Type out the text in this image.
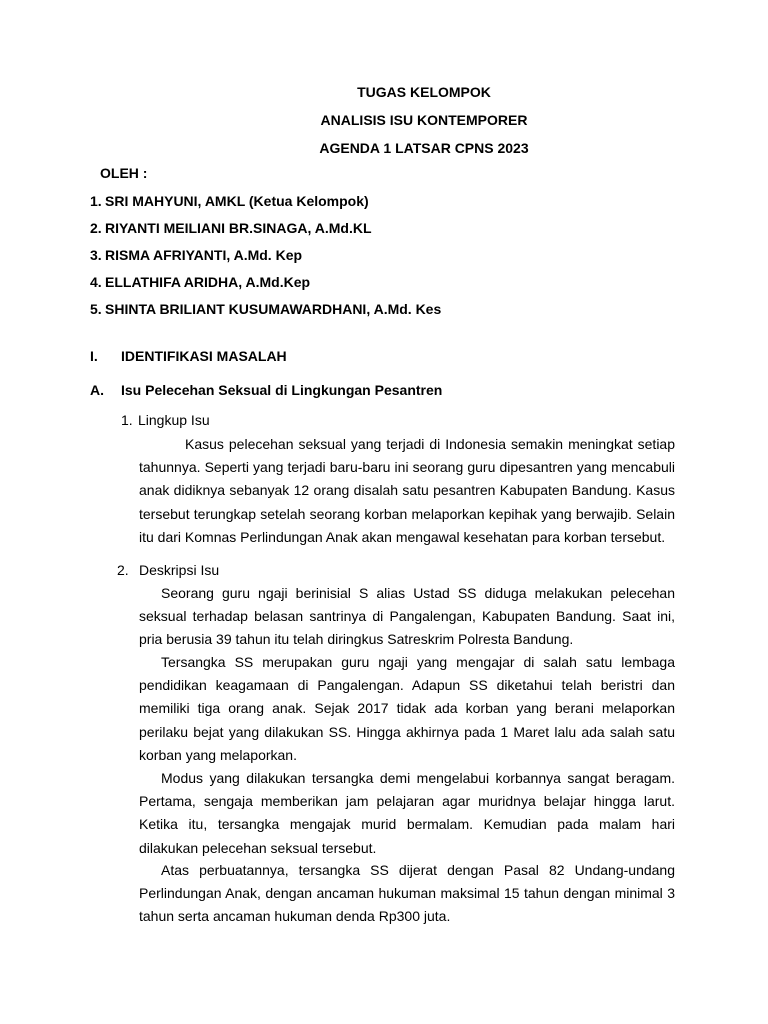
TUGAS KELOMPOK
ANALISIS ISU KONTEMPORER
AGENDA 1 LATSAR CPNS 2023
OLEH :
1. SRI MAHYUNI, AMKL (Ketua Kelompok)
2. RIYANTI MEILIANI BR.SINAGA, A.Md.KL
3. RISMA AFRIYANTI, A.Md. Kep
4. ELLATHIFA ARIDHA, A.Md.Kep
5. SHINTA BRILIANT KUSUMAWARDHANI, A.Md. Kes
I. IDENTIFIKASI MASALAH
A. Isu Pelecehan Seksual di Lingkungan Pesantren
1. Lingkup Isu
Kasus pelecehan seksual yang terjadi di Indonesia semakin meningkat setiap tahunnya. Seperti yang terjadi baru-baru ini seorang guru dipesantren yang mencabuli anak didiknya sebanyak 12 orang disalah satu pesantren Kabupaten Bandung. Kasus tersebut terungkap setelah seorang korban melaporkan kepihak yang berwajib. Selain itu dari Komnas Perlindungan Anak akan mengawal kesehatan para korban tersebut.
2. Deskripsi Isu
Seorang guru ngaji berinisial S alias Ustad SS diduga melakukan pelecehan seksual terhadap belasan santrinya di Pangalengan, Kabupaten Bandung. Saat ini, pria berusia 39 tahun itu telah diringkus Satreskrim Polresta Bandung.
Tersangka SS merupakan guru ngaji yang mengajar di salah satu lembaga pendidikan keagamaan di Pangalengan. Adapun SS diketahui telah beristri dan memiliki tiga orang anak. Sejak 2017 tidak ada korban yang berani melaporkan perilaku bejat yang dilakukan SS. Hingga akhirnya pada 1 Maret lalu ada salah satu korban yang melaporkan.
Modus yang dilakukan tersangka demi mengelabui korbannya sangat beragam. Pertama, sengaja memberikan jam pelajaran agar muridnya belajar hingga larut. Ketika itu, tersangka mengajak murid bermalam. Kemudian pada malam hari dilakukan pelecehan seksual tersebut.
Atas perbuatannya, tersangka SS dijerat dengan Pasal 82 Undang-undang Perlindungan Anak, dengan ancaman hukuman maksimal 15 tahun dengan minimal 3 tahun serta ancaman hukuman denda Rp300 juta.
